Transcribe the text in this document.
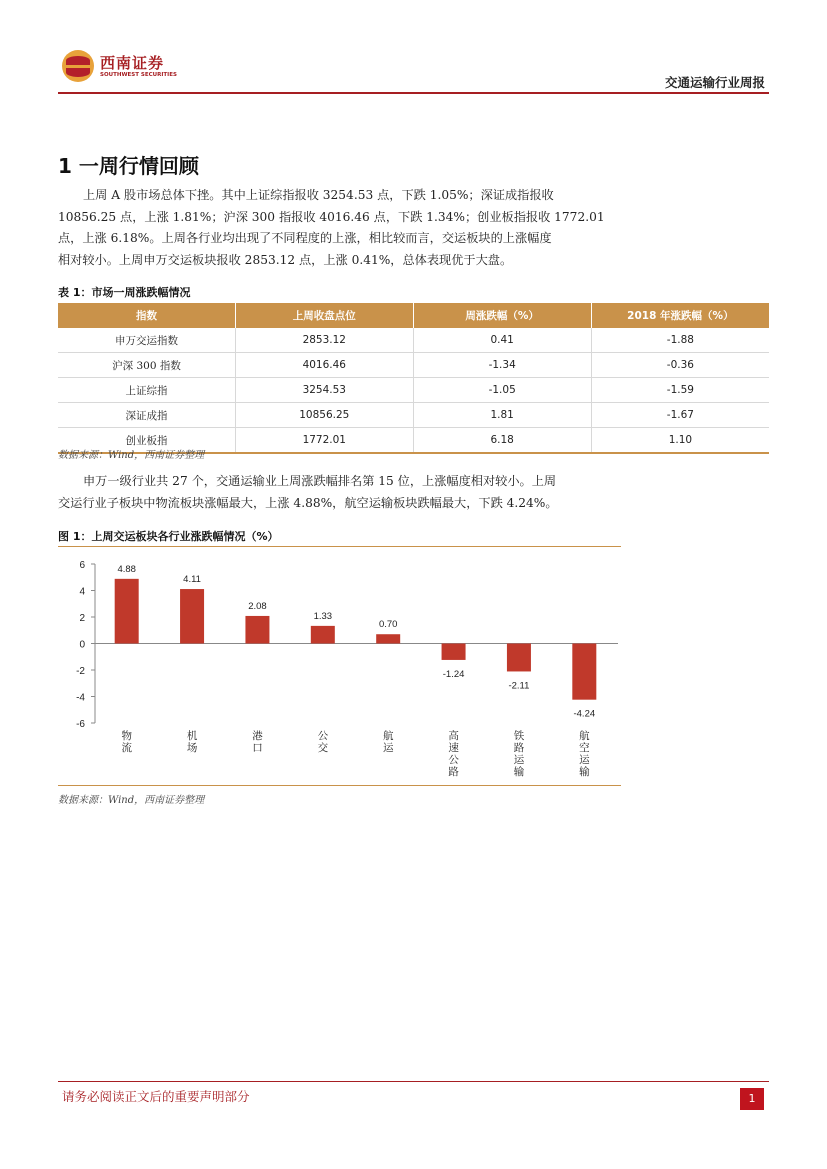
西南证券
SOUTHWEST SECURITIES	交通运输行业周报
1 一周行情回顾
上周 A 股市场总体下挫。其中上证综指报收 3254.53 点，下跌 1.05%；深证成指报收
10856.25 点，上涨 1.81%；沪深 300 指报收 4016.46 点，下跌 1.34%；创业板指报收 1772.01
点，上涨 6.18%。上周各行业均出现了不同程度的上涨，相比较而言，交运板块的上涨幅度
相对较小。上周申万交运板块报收 2853.12 点，上涨 0.41%，总体表现优于大盘。
表 1：市场一周涨跌幅情况
指数	上周收盘点位	周涨跌幅（%）	2018 年涨跌幅（%）
申万交运指数	2853.12	0.41	-1.88
沪深 300 指数	4016.46	-1.34	-0.36
上证综指	3254.53	-1.05	-1.59
深证成指	10856.25	1.81	-1.67
创业板指	1772.01	6.18	1.10
数据来源：Wind，西南证券整理
申万一级行业共 27 个，交通运输业上周涨跌幅排名第 15 位，上涨幅度相对较小。上周
交运行业子板块中物流板块涨幅最大，上涨 4.88%，航空运输板块跌幅最大，下跌 4.24%。
图 1：上周交运板块各行业涨跌幅情况（%）
6
4
2
0
-2
-4
-6
4.88
4.11
2.08
1.33
0.70
-1.24
-2.11
-4.24
物流
机场
港口
公交
航运
高速公路
铁路运输
航空运输
数据来源：Wind，西南证券整理
请务必阅读正文后的重要声明部分	1
